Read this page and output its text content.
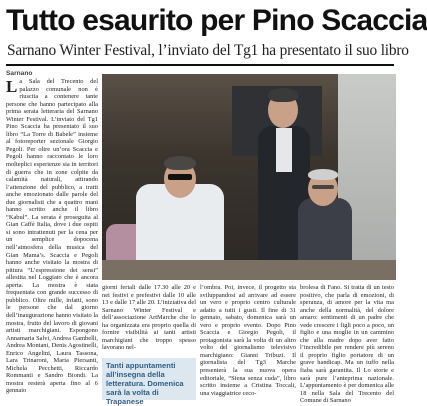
Tutto esaurito per Pino Scaccia
Sarnano Winter Festival, l’inviato del Tg1 ha presentato il suo libro
Sarnano
La Sala del Trecento del palazzo comunale non è riuscita a contenere tante persone che hanno partecipato alla prima serata letteraria del Sarnano Winter Festival. L’inviato del Tg1 Pino Scaccia ha presentato il suo libro “La Torre di Babele” insieme al fotoreporter sezionale Giorgio Pegoli. Per oltre un’ora Scaccia e Pegoli hanno raccontato le loro molteplici esperienze sia in territori di guerra che in zone colpite da calamità naturali, attirando l’attenzione del pubblico, a tratti anche emozionato dalle parole del due giornalisti che a quattro mani hanno scritto anche il libro “Kabul”. La serata è proseguita al Gian Caffè Italia, dove i due ospiti si sono intrattenuti per la cena per un semplice dopocena nell’atmosfera della musica del Gian Mama’s. Scaccia e Pegoli hanno anche visitato la mostra di pittura “L’espressione dei sensi” allestita nel Loggiato che è ancora aperta. La mostra è stata frequentata con grande successo di pubblico. Oltre mille, infatti, sono le persone che dal giorno dell’inaugurazione hanno visitato la mostra, frutto del lavoro di giovani artisti marchigiani. Espongono Annamaria Salvi, Andrea Gambelli, Andrea Montani, Denis Agostinelli, Enrico Angelini, Laura Tassona, Lara Trinaroni, Maria Piersanti, Michela Pecchetti, Riccardo Rommanti e Sandro Biondi. La mostra resterà aperta fino al 6 gennaio
giorni feriali dalle 17.30 alle 20 e nei festivi e prefestivi dalle 10 alle 13 e dalle 17 alle 20. L’iniziativa del Sarnano Winter Festival e dell’associazione ArtMarche che lo ha organizzata era proprio quella di fornire visibilità ai tanti artisti marchigiani che troppo spesso lavorano nel-
Tanti appuntamenti all’insegna della letteratura. Domenica sarà la volta di Trapanese
l’ombra. Poi, invece, il progetto sta sviluppandosi ad arrivare ad essere un vero e proprio centro culturale adatto a tutti i gusti. Il fine di 31 gennaio, sabato, domenica sarà un vero e proprio evento. Dopo Pino Scaccia e Giorgio Pegoli, il protagonista sarà la volta di un altro volto del giornalismo televisivo marchigiano: Gianni Tribuzi. Il giornalista del Tg3 Marche presenterà la sua nuova opera editoriale, “Siena senza cuda”, libro scritto insieme a Cristina Toccali, una viaggiatrice ceco-
brolesa di Fano. Si tratta di un testo positivo, che parla di emozioni, di speranza, di amore per la vita ma anche della normalità, del dolore amaro: sentimenti di un padre che vede crescere i figli poco a poco, un figlio e una moglie in un cammino che alla madre dopo aver fatto l’incredibile per rendere più sereno il proprio figlio portatore di un grave handicap. Ma un tuffo nella fiaba sarà garantita. Il Lo storie e sarà pure l’anteprima nazionale. L’appuntamento è per domenica alle 18 nella Sala del Trecento del Comune di Sarnano
